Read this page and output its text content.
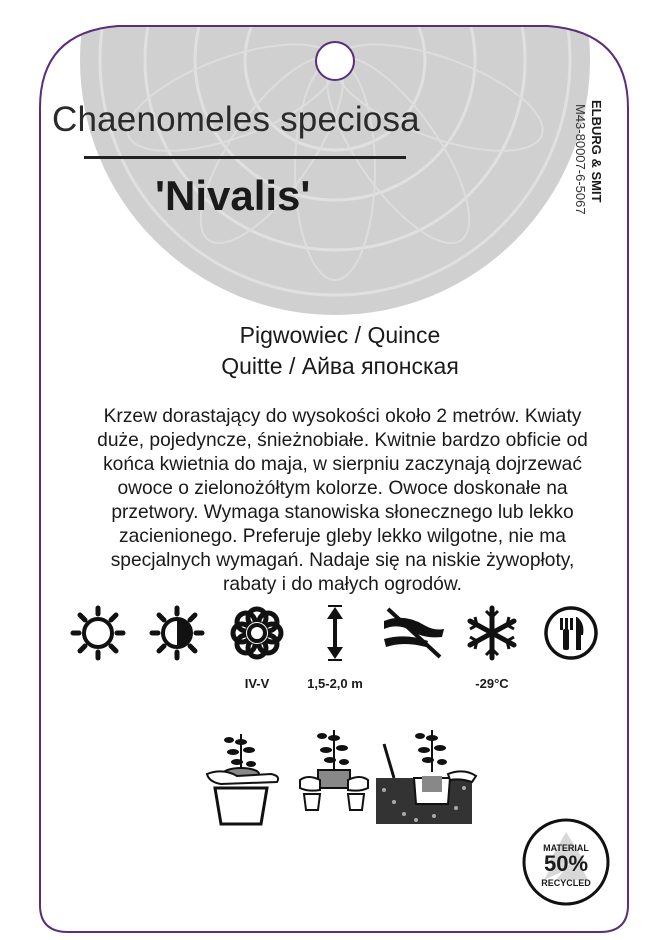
Chaenomeles speciosa
'Nivalis'
Pigwowiec / Quince
Quitte / Айва японская
Krzew dorastający do wysokości około 2 metrów. Kwiaty
duże, pojedyncze, śnieżnobiałe. Kwitnie bardzo obficie od
końca kwietnia do maja, w sierpniu zaczynają dojrzewać
owoce o zielonożółtym kolorze. Owoce doskonałe na
przetwory. Wymaga stanowiska słonecznego lub lekko
zacienionego. Preferuje gleby lekko wilgotne, nie ma
specjalnych wymagań. Nadaje się na niskie żywopłoty,
rabaty i do małych ogrodów.
ELBURG & SMIT
M43-80007-6-5067
IV-V	1,5-2,0 m	-29°C
MATERIAL
50%
RECYCLED
